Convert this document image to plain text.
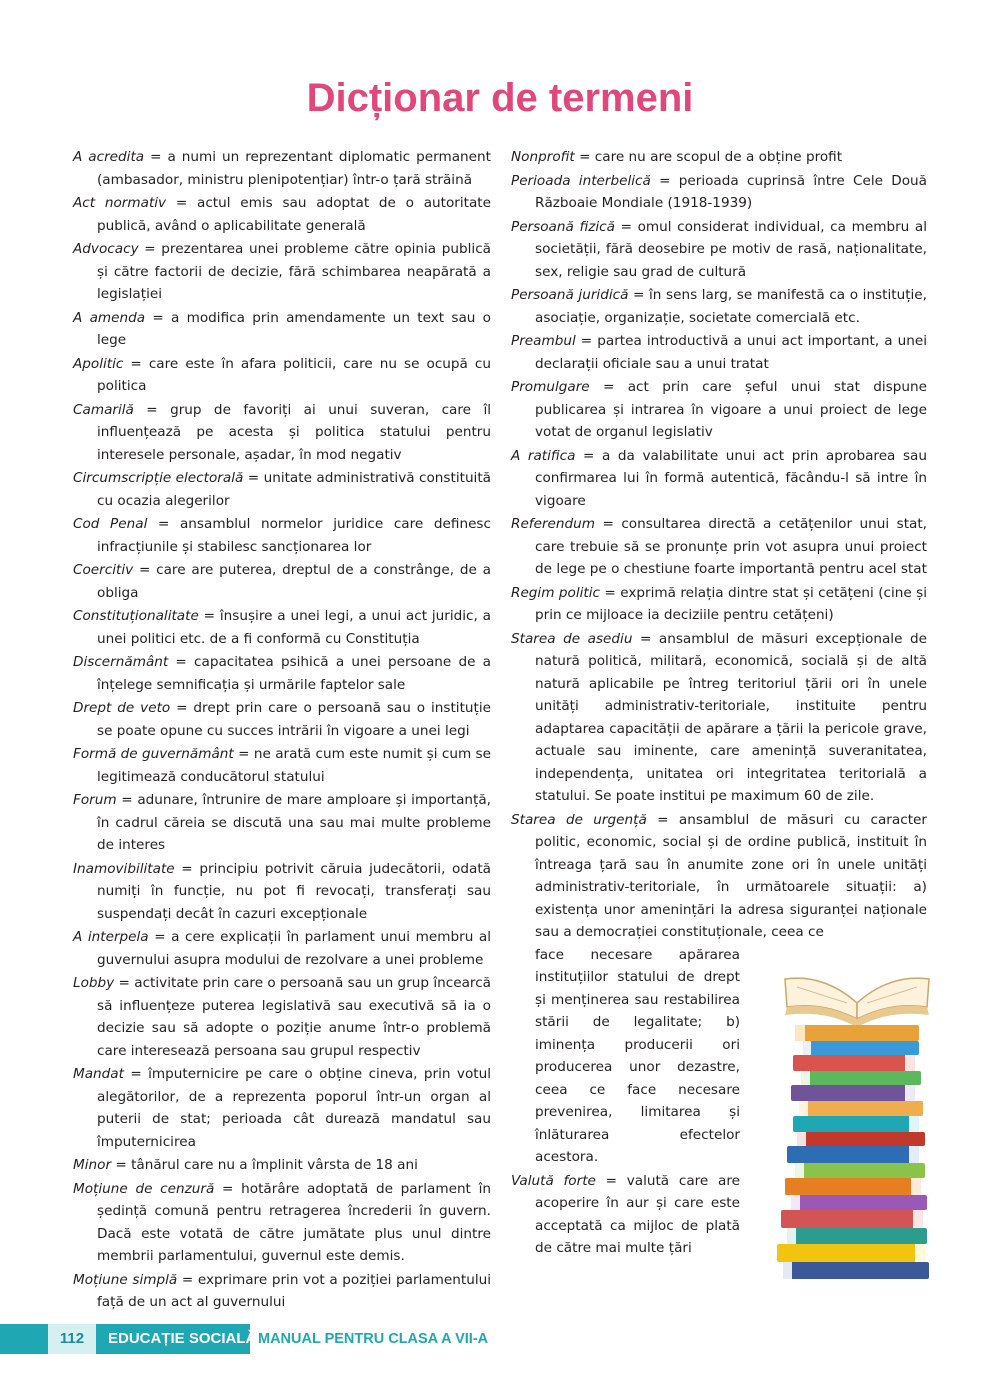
Dicționar de termeni

A acredita = a numi un reprezentant diplomatic permanent (ambasador, ministru plenipotențiar) într-o țară străină

Act normativ = actul emis sau adoptat de o autoritate publică, având o aplicabilitate generală

Advocacy = prezentarea unei probleme către opinia publică și către factorii de decizie, fără schimbarea neapărată a legislației

A amenda = a modifica prin amendamente un text sau o lege

Apolitic = care este în afara politicii, care nu se ocupă cu politica

Camarilă = grup de favoriți ai unui suveran, care îl influențează pe acesta și politica statului pentru interesele personale, așadar, în mod negativ

Circumscripție electorală = unitate administrativă constituită cu ocazia alegerilor

Cod Penal = ansamblul normelor juridice care definesc infracțiunile și stabilesc sancționarea lor

Coercitiv = care are puterea, dreptul de a constrânge, de a obliga

Constituționalitate = însușire a unei legi, a unui act juridic, a unei politici etc. de a fi conformă cu Constituția

Discernământ = capacitatea psihică a unei persoane de a înțelege semnificația și urmările faptelor sale

Drept de veto = drept prin care o persoană sau o instituție se poate opune cu succes intrării în vigoare a unei legi

Formă de guvernământ = ne arată cum este numit și cum se legitimează conducătorul statului

Forum = adunare, întrunire de mare amploare și importanță, în cadrul căreia se discută una sau mai multe probleme de interes

Inamovibilitate = principiu potrivit căruia judecătorii, odată numiți în funcție, nu pot fi revocați, transferați sau suspendați decât în cazuri excepționale

A interpela = a cere explicații în parlament unui membru al guvernului asupra modului de rezolvare a unei probleme

Lobby = activitate prin care o persoană sau un grup încearcă să influențeze puterea legislativă sau executivă să ia o decizie sau să adopte o poziție anume într-o problemă care interesează persoana sau grupul respectiv

Mandat = împuternicire pe care o obține cineva, prin votul alegătorilor, de a reprezenta poporul într-un organ al puterii de stat; perioada cât durează mandatul sau împuternicirea

Minor = tânărul care nu a împlinit vârsta de 18 ani

Moțiune de cenzură = hotărâre adoptată de parlament în ședință comună pentru retragerea încrederii în guvern. Dacă este votată de către jumătate plus unul dintre membrii parlamentului, guvernul este demis.

Moțiune simplă = exprimare prin vot a poziției parlamentului față de un act al guvernului

Nonprofit = care nu are scopul de a obține profit

Perioada interbelică = perioada cuprinsă între Cele Două Războaie Mondiale (1918-1939)

Persoană fizică = omul considerat individual, ca membru al societății, fără deosebire pe motiv de rasă, naționalitate, sex, religie sau grad de cultură

Persoană juridică = în sens larg, se manifestă ca o instituție, asociație, organizație, societate comercială etc.

Preambul = partea introductivă a unui act important, a unei declarații oficiale sau a unui tratat

Promulgare = act prin care șeful unui stat dispune publicarea și intrarea în vigoare a unui proiect de lege votat de organul legislativ

A ratifica = a da valabilitate unui act prin aprobarea sau confirmarea lui în formă autentică, făcându-l să intre în vigoare

Referendum = consultarea directă a cetățenilor unui stat, care trebuie să se pronunțe prin vot asupra unui proiect de lege pe o chestiune foarte importantă pentru acel stat

Regim politic = exprimă relația dintre stat și cetățeni (cine și prin ce mijloace ia deciziile pentru cetățeni)

Starea de asediu = ansamblul de măsuri excepționale de natură politică, militară, economică, socială și de altă natură aplicabile pe întreg teritoriul țării ori în unele unități administrativ-teritoriale, instituite pentru adaptarea capacității de apărare a țării la pericole grave, actuale sau iminente, care amenință suveranitatea, independența, unitatea ori integritatea teritorială a statului. Se poate institui pe maximum 60 de zile.

Starea de urgență = ansamblul de măsuri cu caracter politic, economic, social și de ordine publică, instituit în întreaga țară sau în anumite zone ori în unele unități administrativ-teritoriale, în următoarele situații: a) existența unor amenințări la adresa siguranței naționale sau a democrației constituționale, ceea ce

face necesare apărarea instituțiilor statului de drept și menținerea sau restabilirea stării de legalitate; b) iminența producerii ori producerea unor dezastre, ceea ce face necesare prevenirea, limitarea și înlăturarea efectelor acestora.

Valută forte = valută care are acoperire în aur și care este acceptată ca mijloc de plată de către mai multe țări

112	EDUCAȚIE SOCIALĂ MANUAL PENTRU CLASA A VII-A
